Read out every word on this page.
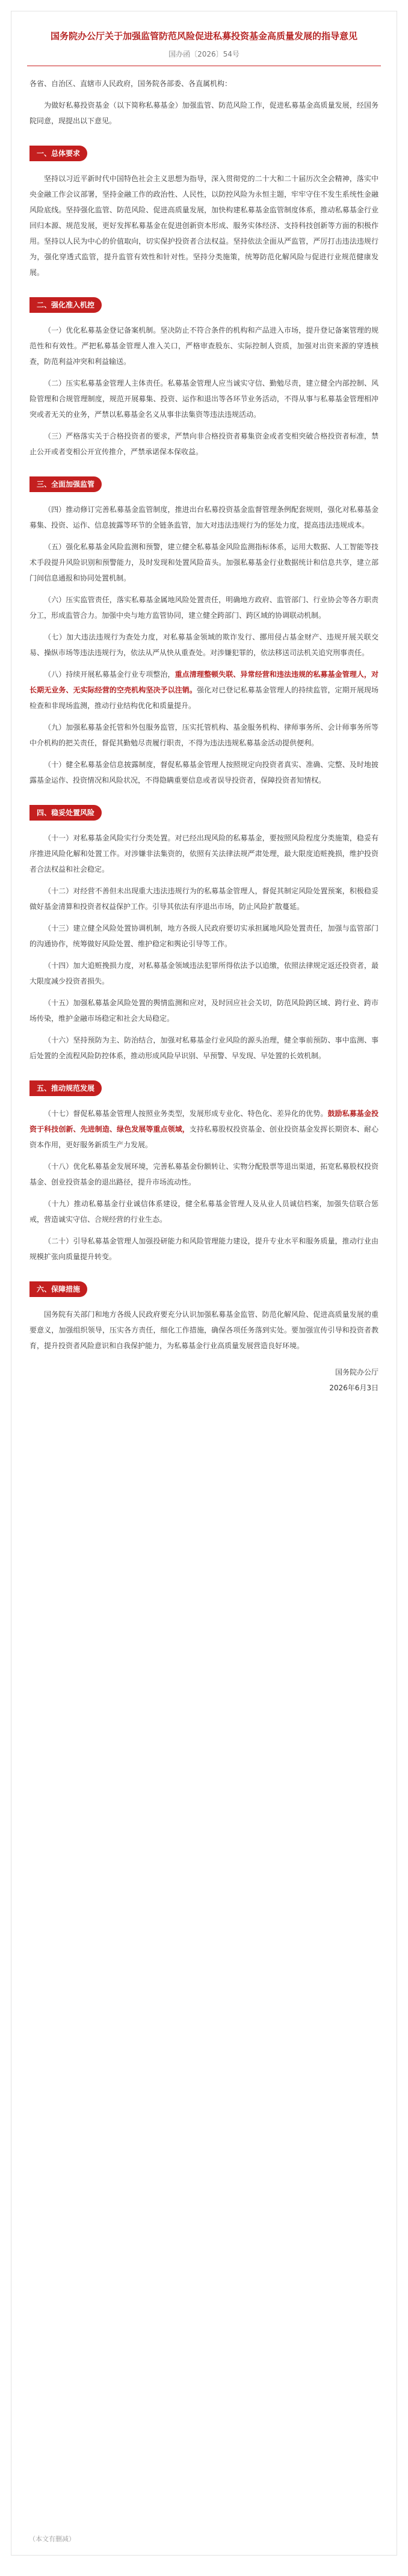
国务院办公厅关于加强监管防范风险促进私募投资基金高质量发展的指导意见
国办函〔2026〕54号

各省、自治区、直辖市人民政府，国务院各部委、各直属机构：

为做好私募投资基金（以下简称私募基金）加强监管、防范风险工作，促进私募基金高质量发展，经国务院同意，现提出以下意见。

一、总体要求

坚持以习近平新时代中国特色社会主义思想为指导，深入贯彻党的二十大和二十届历次全会精神，落实中央金融工作会议部署，坚持金融工作的政治性、人民性，以防控风险为永恒主题，牢牢守住不发生系统性金融风险底线。坚持强化监管、防范风险、促进高质量发展，加快构建私募基金监管制度体系，推动私募基金行业回归本源、规范发展，更好发挥私募基金在促进创新资本形成、服务实体经济、支持科技创新等方面的积极作用。坚持以人民为中心的价值取向，切实保护投资者合法权益。坚持依法全面从严监管，严厉打击违法违规行为，强化穿透式监管，提升监管有效性和针对性。坚持分类施策，统筹防范化解风险与促进行业规范健康发展。

二、强化准入机控

（一）优化私募基金登记备案机制。坚决防止不符合条件的机构和产品进入市场，提升登记备案管理的规范性和有效性。严把私募基金管理人准入关口，严格审查股东、实际控制人资质，加强对出资来源的穿透核查，防范利益冲突和利益输送。

（二）压实私募基金管理人主体责任。私募基金管理人应当诚实守信、勤勉尽责，建立健全内部控制、风险管理和合规管理制度，规范开展募集、投资、运作和退出等各环节业务活动，不得从事与私募基金管理相冲突或者无关的业务，严禁以私募基金名义从事非法集资等违法违规活动。

（三）严格落实关于合格投资者的要求，严禁向非合格投资者募集资金或者变相突破合格投资者标准，禁止公开或者变相公开宣传推介，严禁承诺保本保收益。

三、全面加强监管

（四）推动修订完善私募基金监管制度，推进出台私募投资基金监督管理条例配套规则，强化对私募基金募集、投资、运作、信息披露等环节的全链条监管，加大对违法违规行为的惩处力度，提高违法违规成本。

（五）强化私募基金风险监测和预警，建立健全私募基金风险监测指标体系，运用大数据、人工智能等技术手段提升风险识别和预警能力，及时发现和处置风险苗头。加强私募基金行业数据统计和信息共享，建立部门间信息通报和协同处置机制。

（六）压实监管责任，落实私募基金属地风险处置责任，明确地方政府、监管部门、行业协会等各方职责分工，形成监管合力。加强中央与地方监管协同，建立健全跨部门、跨区域的协调联动机制。

（七）加大违法违规行为查处力度，对私募基金领域的欺诈发行、挪用侵占基金财产、违规开展关联交易、操纵市场等违法违规行为，依法从严从快从重查处。对涉嫌犯罪的，依法移送司法机关追究刑事责任。

（八）持续开展私募基金行业专项整治，重点清理整顿失联、异常经营和违法违规的私募基金管理人，对长期无业务、无实际经营的空壳机构坚决予以注销。强化对已登记私募基金管理人的持续监管，定期开展现场检查和非现场监测，推动行业结构优化和质量提升。

（九）加强私募基金托管和外包服务监管，压实托管机构、基金服务机构、律师事务所、会计师事务所等中介机构的把关责任，督促其勤勉尽责履行职责，不得为违法违规私募基金活动提供便利。

（十）健全私募基金信息披露制度，督促私募基金管理人按照规定向投资者真实、准确、完整、及时地披露基金运作、投资情况和风险状况，不得隐瞒重要信息或者误导投资者，保障投资者知情权。

四、稳妥处置风险

（十一）对私募基金风险实行分类处置。对已经出现风险的私募基金，要按照风险程度分类施策，稳妥有序推进风险化解和处置工作。对涉嫌非法集资的，依照有关法律法规严肃处理，最大限度追赃挽损，维护投资者合法权益和社会稳定。

（十二）对经营不善但未出现重大违法违规行为的私募基金管理人，督促其制定风险处置预案，积极稳妥做好基金清算和投资者权益保护工作。引导其依法有序退出市场，防止风险扩散蔓延。

（十三）建立健全风险处置协调机制，地方各级人民政府要切实承担属地风险处置责任，加强与监管部门的沟通协作，统筹做好风险处置、维护稳定和舆论引导等工作。

（十四）加大追赃挽损力度，对私募基金领域违法犯罪所得依法予以追缴，依照法律规定返还投资者，最大限度减少投资者损失。

（十五）加强私募基金风险处置的舆情监测和应对，及时回应社会关切，防范风险跨区域、跨行业、跨市场传染，维护金融市场稳定和社会大局稳定。

（十六）坚持预防为主、防治结合，加强对私募基金行业风险的源头治理，健全事前预防、事中监测、事后处置的全流程风险防控体系，推动形成风险早识别、早预警、早发现、早处置的长效机制。

五、推动规范发展

（十七）督促私募基金管理人按照业务类型，发展形成专业化、特色化、差异化的优势。鼓励私募基金投资于科技创新、先进制造、绿色发展等重点领域，支持私募股权投资基金、创业投资基金发挥长期资本、耐心资本作用，更好服务新质生产力发展。

（十八）优化私募基金发展环境，完善私募基金份额转让、实物分配股票等退出渠道，拓宽私募股权投资基金、创业投资基金的退出路径，提升市场流动性。

（十九）推动私募基金行业诚信体系建设，健全私募基金管理人及从业人员诚信档案，加强失信联合惩戒，营造诚实守信、合规经营的行业生态。

（二十）引导私募基金管理人加强投研能力和风险管理能力建设，提升专业水平和服务质量，推动行业由规模扩张向质量提升转变。

六、保障措施

国务院有关部门和地方各级人民政府要充分认识加强私募基金监管、防范化解风险、促进高质量发展的重要意义，加强组织领导，压实各方责任，细化工作措施，确保各项任务落到实处。要加强宣传引导和投资者教育，提升投资者风险意识和自我保护能力，为私募基金行业高质量发展营造良好环境。

国务院办公厅
2026年6月3日
（本文有删减）
